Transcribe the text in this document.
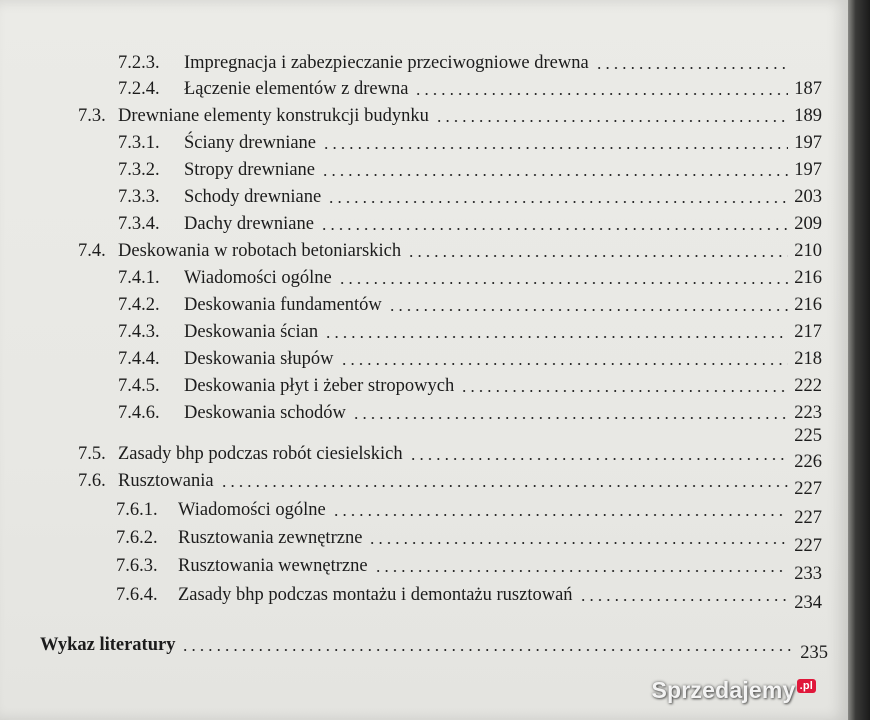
7.2.3.	Impregnacja i zabezpieczanie przeciwogniowe drewna
7.2.4.	Łączenie elementów z drewna	187
7.3. Drewniane elementy konstrukcji budynku	189
7.3.1.	Ściany drewniane	197
7.3.2.	Stropy drewniane	197
7.3.3.	Schody drewniane	203
7.3.4.	Dachy drewniane	209
7.4. Deskowania w robotach betoniarskich	210
7.4.1.	Wiadomości ogólne	216
7.4.2.	Deskowania fundamentów	216
7.4.3.	Deskowania ścian	217
7.4.4.	Deskowania słupów	218
7.4.5.	Deskowania płyt i żeber stropowych	222
7.4.6.	Deskowania schodów	223
225
7.5. Zasady bhp podczas robót ciesielskich	226
7.6. Rusztowania	227
7.6.1.	Wiadomości ogólne	227
7.6.2.	Rusztowania zewnętrzne	227
7.6.3.	Rusztowania wewnętrzne	233
7.6.4.	Zasady bhp podczas montażu i demontażu rusztowań	234
Wykaz literatury	235
Sprzedajemy .pl
